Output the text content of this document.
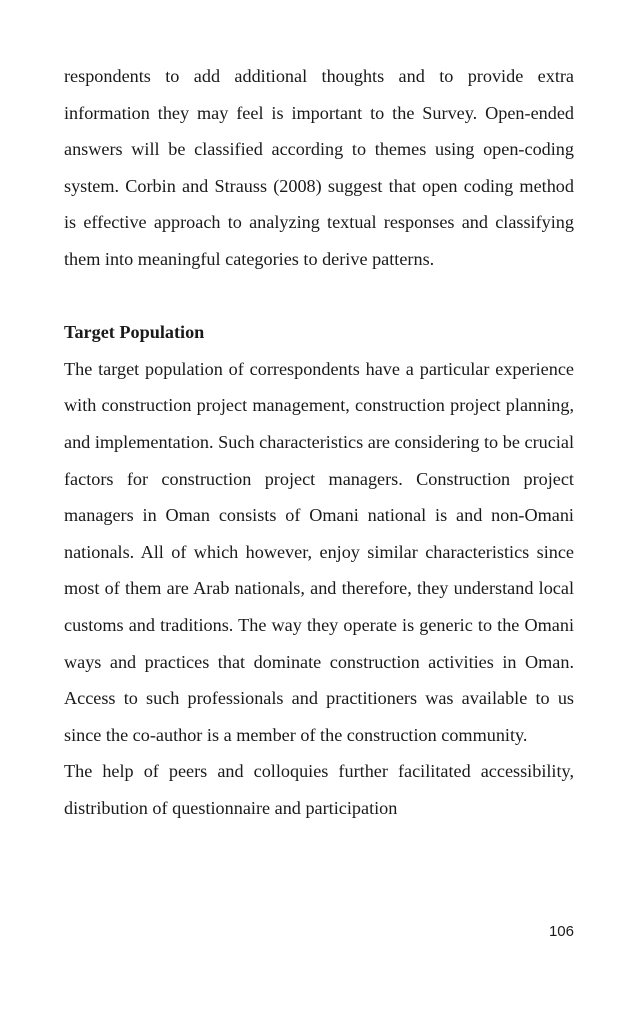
respondents to add additional thoughts and to provide extra information they may feel is important to the Survey. Open-ended answers will be classified according to themes using open-coding system. Corbin and Strauss (2008) suggest that open coding method is effective approach to analyzing textual responses and classifying them into meaningful categories to derive patterns.

Target Population

The target population of correspondents have a particular experience with construction project management, construction project planning, and implementation. Such characteristics are considering to be crucial factors for construction project managers. Construction project managers in Oman consists of Omani national is and non-Omani nationals. All of which however, enjoy similar characteristics since most of them are Arab nationals, and therefore, they understand local customs and traditions. The way they operate is generic to the Omani ways and practices that dominate construction activities in Oman. Access to such professionals and practitioners was available to us since the co-author is a member of the construction community.

The help of peers and colloquies further facilitated accessibility, distribution of questionnaire and participation

106
